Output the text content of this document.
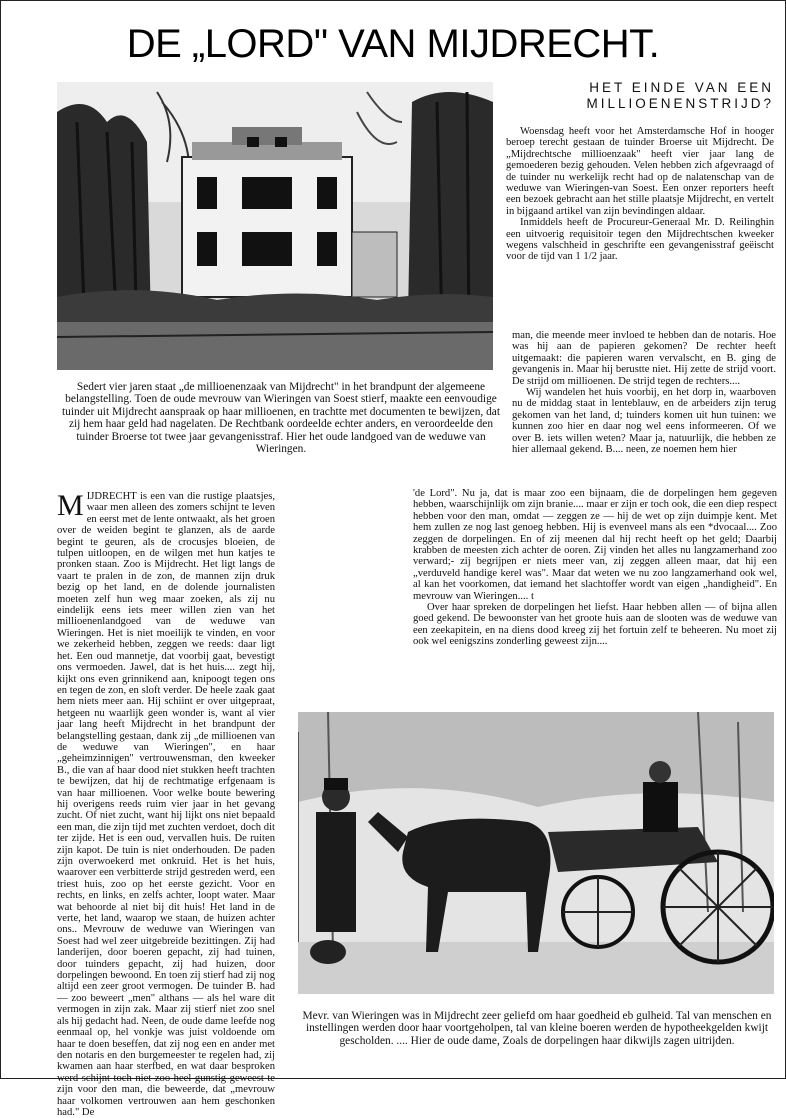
DE „LORD" VAN MIJDRECHT.
HET EINDE VAN EEN
MILLIOENENSTRIJD?

Woensdag heeft voor het Amsterdamsche Hof in hooger beroep terecht gestaan de tuinder Broerse uit Mijdrecht. De „Mijdrechtsche millioenzaak" heeft vier jaar lang de gemoederen bezig gehouden. Velen hebben zich afgevraagd of de tuinder nu werkelijk recht had op de nalatenschap van de weduwe van Wieringen-van Soest. Een onzer reporters heeft een bezoek gebracht aan het stille plaatsje Mijdrecht, en vertelt in bijgaand artikel van zijn bevindingen aldaar.

Inmiddels heeft de Procureur-Generaal Mr. D. Reilinghin een uitvoerig requisitoir tegen den Mijdrechtschen kweeker wegens valschheid in geschrifte een gevangenisstraf geëischt voor de tijd van 1 1/2 jaar.

Sedert vier jaren staat „de millioenenzaak van Mijdrecht" in het brandpunt der algemeene belangstelling. Toen de oude mevrouw van Wieringen van Soest stierf, maakte een eenvoudige tuinder uit Mijdrecht aanspraak op haar millioenen, en trachtte met documenten te bewijzen, dat zij hem haar geld had nagelaten. De Rechtbank oordeelde echter anders, en veroordeelde den tuinder Broerse tot twee jaar gevangenisstraf. Hier het oude landgoed van de weduwe van Wieringen.

man, die meende meer invloed te hebben dan de notaris. Hoe was hij aan de papieren gekomen? De rechter heeft uitgemaakt: die papieren waren vervalscht, en B. ging de gevangenis in. Maar hij berustte niet. Hij zette de strijd voort. De strijd om millioenen. De strijd tegen de rechters....

Wij wandelen het huis voorbij, en het dorp in, waarboven nu de middag staat in lenteblauw, en de arbeiders zijn terug gekomen van het land, d; tuinders komen uit hun tuinen: we kunnen zoo hier en daar nog wel eens informeeren. Of we over B. iets willen weten? Maar ja, natuurlijk, die hebben ze hier allemaal gekend. B.... neen, ze noemen hem hier

MIJDRECHT is een van die rustige plaatsjes, waar men alleen des zomers schijnt te leven en eerst met de lente ontwaakt, als het groen over de weiden begint te glanzen, als de aarde begint te geuren, als de crocusjes bloeien, de tulpen uitloopen, en de wilgen met hun katjes te pronken staan. Zoo is Mijdrecht. Het ligt langs de vaart te pralen in de zon, de mannen zijn druk bezig op het land, en de dolende journalisten moeten zelf hun weg maar zoeken, als zij nu eindelijk eens iets meer willen zien van het millioenenlandgoed van de weduwe van Wieringen. Het is niet moeilijk te vinden, en voor we zekerheid hebben, zeggen we reeds: daar ligt het. Een oud mannetje, dat voorbij gaat, bevestigt ons vermoeden. Jawel, dat is het huis.... zegt hij, kijkt ons even grinnikend aan, knipoogt tegen ons en tegen de zon, en sloft verder. De heele zaak gaat hem niets meer aan. Hij schiint er over uitgepraat, hetgeen nu waarlijk geen wonder is, want al vier jaar lang heeft Mijdrecht in het brandpunt der belangstelling gestaan, dank zij „de millioenen van de weduwe van Wieringen", en haar „geheimzinnigen" vertrouwensman, den kweeker B., die van af haar dood niet stukken heeft trachten te bewijzen, dat hij de rechtmatige erfgenaam is van haar millioenen. Voor welke boute bewering hij overigens reeds ruim vier jaar in het gevang zucht. Of niet zucht, want hij lijkt ons niet bepaald een man, die zijn tijd met zuchten verdoet, doch dit ter zijde. Het is een oud, vervallen huis. De ruiten zijn kapot. De tuin is niet onderhouden. De paden zijn overwoekerd met onkruid. Het is het huis, waarover een verbitterde strijd gestreden werd, een triest huis, zoo op het eerste gezicht. Voor en rechts, en links, en zelfs achter, loopt water. Maar wat behoorde al niet bij dit huis! Het land in de verte, het land, waarop we staan, de huizen achter ons.. Mevrouw de weduwe van Wieringen van Soest had wel zeer uitgebreide bezittingen. Zij had landerijen, door boeren gepacht, zij had tuinen, door tuinders gepacht, zij had huizen, door dorpelingen bewoond. En toen zij stierf had zij nog altijd een zeer groot vermogen. De tuinder B. had — zoo beweert „men" althans — als hel ware dit vermogen in zijn zak. Maar zij stierf niet zoo snel als hij gedacht had. Neen, de oude dame leefde nog eenmaal op, hel vonkje was juist voldoende om haar te doen beseffen, dat zij nog een en ander met den notaris en den burgemeester te regelen had, zij kwamen aan haar sterfbed, en wat daar besproken werd schijnt toch niet zoo heel gunstig geweest te zijn voor den man, die beweerde, dat „mevrouw haar volkomen vertrouwen aan hem geschonken had." De

'de Lord". Nu ja, dat is maar zoo een bijnaam, die de dorpelingen hem gegeven hebben, waarschijnlijk om zijn branie.... maar er zijn er toch ook, die een diep respect hebben voor den man, omdat — zeggen ze — hij de wet op zijn duimpje kent. Met hem zullen ze nog last genoeg hebben. Hij is evenveel mans als een *dvocaal.... Zoo zeggen de dorpelingen. En of zij meenen dal hij recht heeft op het geld; Daarbij krabben de meesten zich achter de ooren. Zij vinden het alles nu langzamerhand zoo verward;- zij begrijpen er niets meer van, zij zeggen alleen maar, dat hij een „verduveld handige kerel was". Maar dat weten we nu zoo langzamerhand ook wel, al kan het voorkomen, dat iemand het slachtoffer wordt van eigen „handigheid". En mevrouw van Wieringen.... t

Over haar spreken de dorpelingen het liefst. Haar hebben allen — of bijna allen goed gekend. De bewoonster van het groote huis aan de slooten was de weduwe van een zeekapitein, en na diens dood kreeg zij het fortuin zelf te beheeren. Nu moet zij ook wel eenigszins zonderling geweest zijn....

Mevr. van Wieringen was in Mijdrecht zeer geliefd om haar goedheid eb gulheid. Tal van menschen en instellingen werden door haar voortgeholpen, tal van kleine boeren werden de hypotheekgelden kwijt gescholden. .... Hier de oude dame, Zoals de dorpelingen haar dikwijls zagen uitrijden.
